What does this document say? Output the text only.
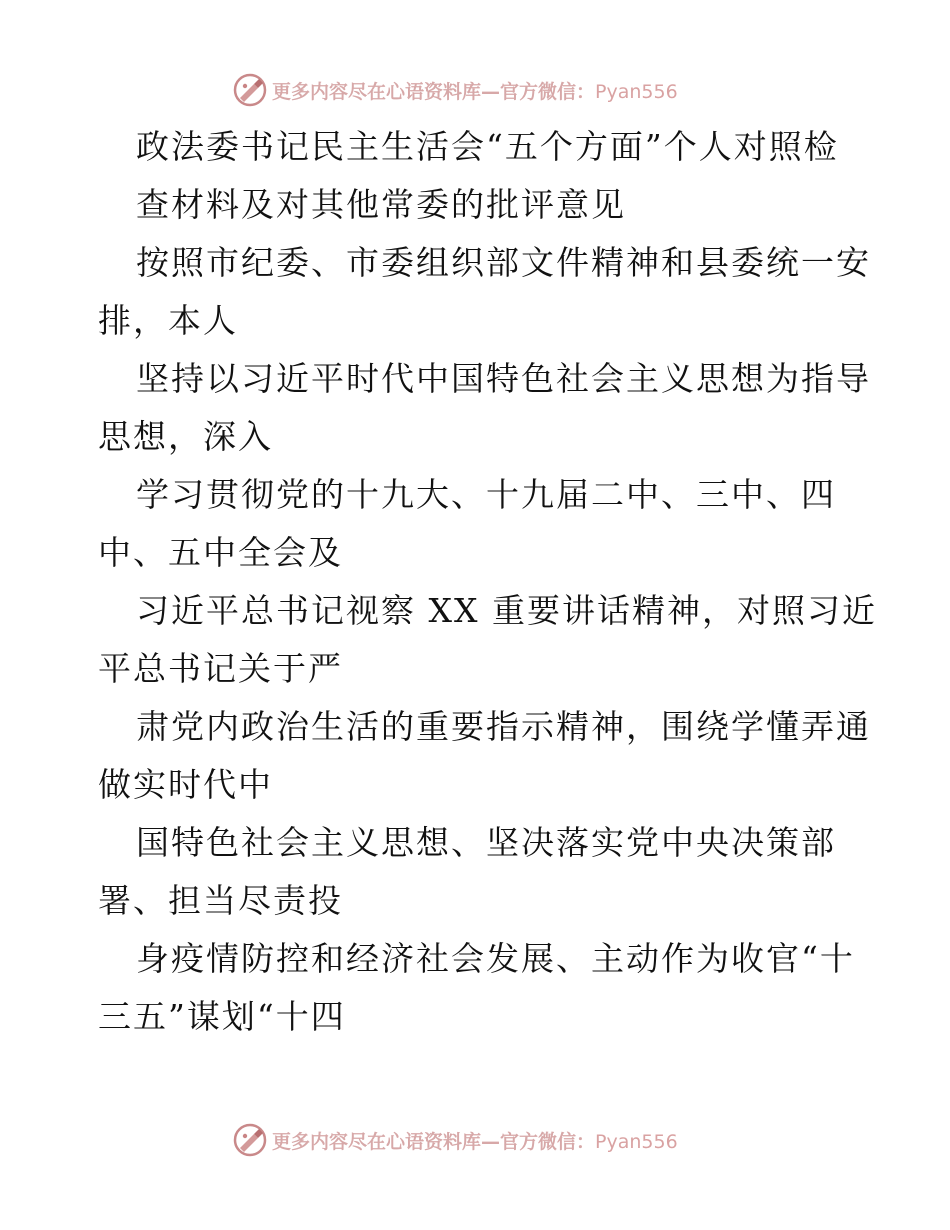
更多内容尽在心语资料库—官方微信：Pyan556
政法委书记民主生活会“五个方面”个人对照检
查材料及对其他常委的批评意见
按照市纪委、市委组织部文件精神和县委统一安
排，本人
坚持以习近平时代中国特色社会主义思想为指导
思想，深入
学习贯彻党的十九大、十九届二中、三中、四
中、五中全会及
习近平总书记视察 XX 重要讲话精神，对照习近
平总书记关于严
肃党内政治生活的重要指示精神，围绕学懂弄通
做实时代中
国特色社会主义思想、坚决落实党中央决策部
署、担当尽责投
身疫情防控和经济社会发展、主动作为收官“十
三五”谋划“十四
更多内容尽在心语资料库—官方微信：Pyan556
